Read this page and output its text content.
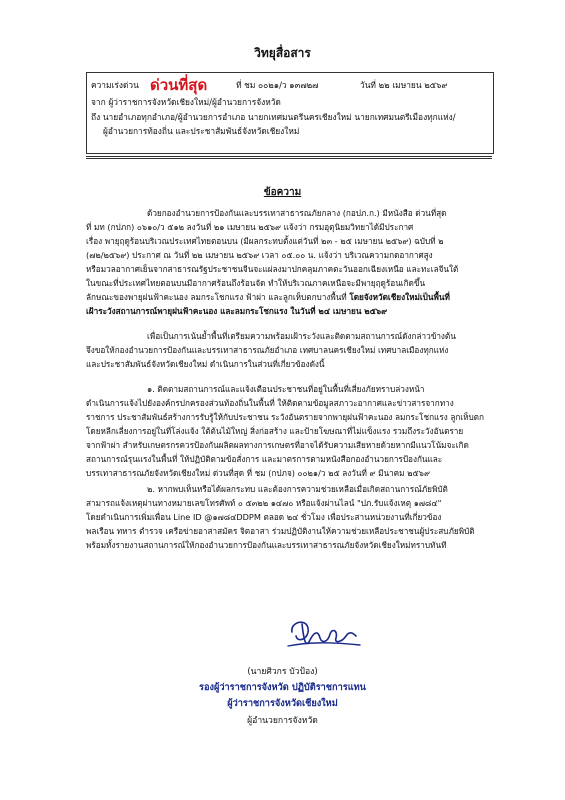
วิทยุสื่อสาร
ความเร่งด่วน ด่วนที่สุด	ที่ ชม ๐๐๒๑/ว ๑๓๗๒๗	วันที่ ๒๒ เมษายน ๒๕๖๙
จาก ผู้ว่าราชการจังหวัดเชียงใหม่/ผู้อำนวยการจังหวัด
ถึง นายอำเภอทุกอำเภอ/ผู้อำนวยการอำเภอ นายกเทศมนตรีนครเชียงใหม่ นายกเทศมนตรีเมืองทุกแห่ง/
ผู้อำนวยการท้องถิ่น และประชาสัมพันธ์จังหวัดเชียงใหม่
ข้อความ
ด้วยกองอำนวยการป้องกันและบรรเทาสาธารณภัยกลาง (กอปภ.ก.) มีหนังสือ ด่วนที่สุด
ที่ มท (กปภก) ๐๖๑๐/ว ๕๑๒ ลงวันที่ ๒๑ เมษายน ๒๕๖๙ แจ้งว่า กรมอุตุนิยมวิทยาได้มีประกาศ
เรื่อง พายุฤดูร้อนบริเวณประเทศไทยตอนบน (มีผลกระทบตั้งแต่วันที่ ๒๓ - ๒๕ เมษายน ๒๕๖๙) ฉบับที่ ๒
(๗๒/๒๕๖๙) ประกาศ ณ วันที่ ๒๒ เมษายน ๒๕๖๙ เวลา ๐๕.๐๐ น. แจ้งว่า บริเวณความกดอากาศสูง
หรือมวลอากาศเย็นจากสาธารณรัฐประชาชนจีนจะแผ่ลงมาปกคลุมภาคตะวันออกเฉียงเหนือ และทะเลจีนใต้
ในขณะที่ประเทศไทยตอนบนมีอากาศร้อนถึงร้อนจัด ทำให้บริเวณภาคเหนือจะมีพายุฤดูร้อนเกิดขึ้น
ลักษณะของพายุฝนฟ้าคะนอง ลมกระโชกแรง ฟ้าผ่า และลูกเห็บตกบางพื้นที่ โดยจังหวัดเชียงใหม่เป็นพื้นที่
เฝ้าระวังสถานการณ์พายุฝนฟ้าคะนอง และลมกระโชกแรง ในวันที่ ๒๔ เมษายน ๒๕๖๙
เพื่อเป็นการเน้นย้ำพื้นที่เตรียมความพร้อมเฝ้าระวังและติดตามสถานการณ์ดังกล่าวข้างต้น
จึงขอให้กองอำนวยการป้องกันและบรรเทาสาธารณภัยอำเภอ เทศบาลนครเชียงใหม่ เทศบาลเมืองทุกแห่ง
และประชาสัมพันธ์จังหวัดเชียงใหม่ ดำเนินการในส่วนที่เกี่ยวข้องดังนี้
๑. ติดตามสถานการณ์และแจ้งเตือนประชาชนที่อยู่ในพื้นที่เสี่ยงภัยทราบล่วงหน้า
ดำเนินการแจ้งไปยังองค์กรปกครองส่วนท้องถิ่นในพื้นที่ ให้ติดตามข้อมูลสภาวะอากาศและข่าวสารจากทาง
ราชการ ประชาสัมพันธ์สร้างการรับรู้ให้กับประชาชน ระวังอันตรายจากพายุฝนฟ้าคะนอง ลมกระโชกแรง ลูกเห็บตก
โดยหลีกเลี่ยงการอยู่ในที่โล่งแจ้ง ใต้ต้นไม้ใหญ่ สิ่งก่อสร้าง และป้ายโฆษณาที่ไม่แข็งแรง รวมถึงระวังอันตราย
จากฟ้าผ่า สำหรับเกษตรกรควรป้องกันผลิตผลทางการเกษตรที่อาจได้รับความเสียหายด้วยหากมีแนวโน้มจะเกิด
สถานการณ์รุนแรงในพื้นที่ ให้ปฏิบัติตามข้อสั่งการ และมาตรการตามหนังสือกองอำนวยการป้องกันและ
บรรเทาสาธารณภัยจังหวัดเชียงใหม่ ด่วนที่สุด ที่ ชม (กปภจ) ๐๐๒๑/ว ๒๕ ลงวันที่ ๙ มีนาคม ๒๕๖๙
๒. หากพบเห็นหรือได้ผลกระทบ และต้องการความช่วยเหลือเมื่อเกิดสถานการณ์ภัยพิบัติ
สามารถแจ้งเหตุผ่านทางหมายเลขโทรศัพท์ ๐ ๕๓๒๒ ๑๔๗๐ หรือแจ้งผ่านไลน์ "ปภ.รับแจ้งเหตุ ๑๗๘๔"
โดยดำเนินการเพิ่มเพื่อน Line ID @๑๗๘๔DDPM ตลอด ๒๔ ชั่วโมง เพื่อประสานหน่วยงานที่เกี่ยวข้อง
พลเรือน ทหาร ตำรวจ เครือข่ายอาสาสมัคร จิตอาสา ร่วมปฏิบัติงานให้ความช่วยเหลือประชาชนผู้ประสบภัยพิบัติ
พร้อมทั้งรายงานสถานการณ์ให้กองอำนวยการป้องกันและบรรเทาสาธารณภัยจังหวัดเชียงใหม่ทราบทันที
(นายศิวกร บัวป้อง)
รองผู้ว่าราชการจังหวัด ปฏิบัติราชการแทน
ผู้ว่าราชการจังหวัดเชียงใหม่
ผู้อำนวยการจังหวัด
